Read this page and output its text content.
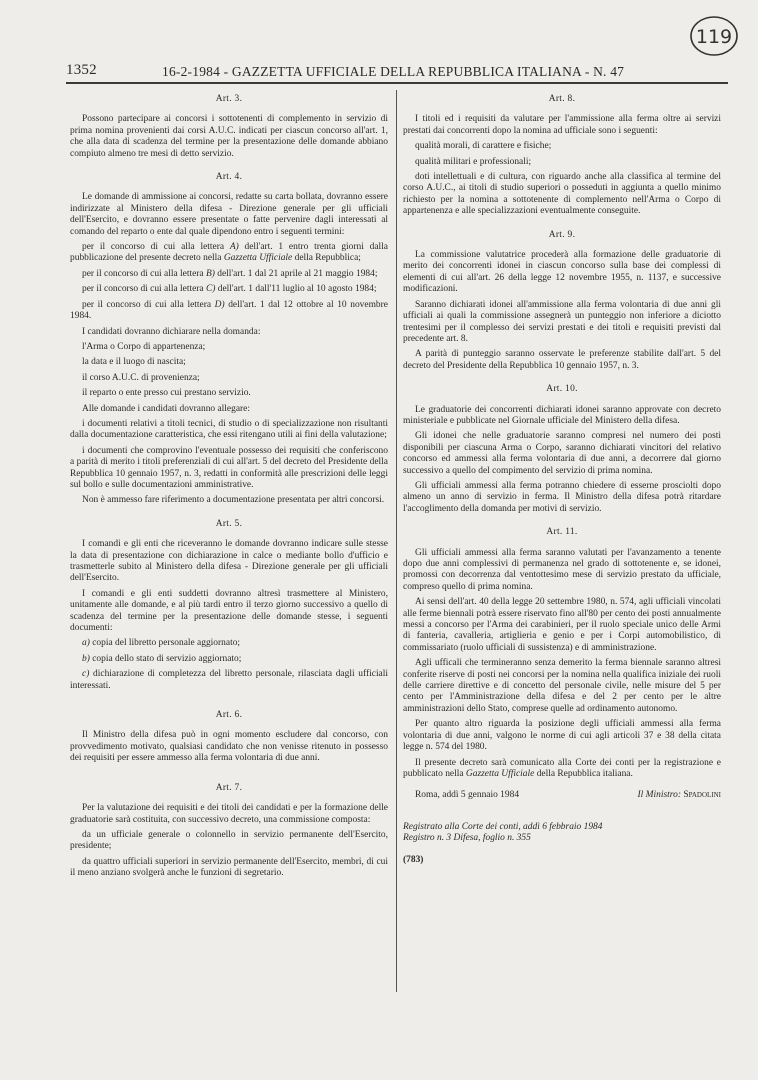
1352	16-2-1984 - GAZZETTA UFFICIALE DELLA REPUBBLICA ITALIANA - N. 47
119
Art. 3.

Possono partecipare ai concorsi i sottotenenti di complemento in servizio di prima nomina provenienti dai corsi A.U.C. indicati per ciascun concorso all'art. 1, che alla data di scadenza del termine per la presentazione delle domande abbiano compiuto almeno tre mesi di detto servizio.

Art. 4.

Le domande di ammissione ai concorsi, redatte su carta bollata, dovranno essere indirizzate al Ministero della difesa - Direzione generale per gli ufficiali dell'Esercito, e dovranno essere presentate o fatte pervenire dagli interessati al comando del reparto o ente dal quale dipendono entro i seguenti termini:

per il concorso di cui alla lettera A) dell'art. 1 entro trenta giorni dalla pubblicazione del presente decreto nella Gazzetta Ufficiale della Repubblica;

per il concorso di cui alla lettera B) dell'art. 1 dal 21 aprile al 21 maggio 1984;

per il concorso di cui alla lettera C) dell'art. 1 dall'11 luglio al 10 agosto 1984;

per il concorso di cui alla lettera D) dell'art. 1 dal 12 ottobre al 10 novembre 1984.

I candidati dovranno dichiarare nella domanda:

l'Arma o Corpo di appartenenza;

la data e il luogo di nascita;

il corso A.U.C. di provenienza;

il reparto o ente presso cui prestano servizio.

Alle domande i candidati dovranno allegare:

i documenti relativi a titoli tecnici, di studio o di specializzazione non risultanti dalla documentazione caratteristica, che essi ritengano utili ai fini della valutazione;

i documenti che comprovino l'eventuale possesso dei requisiti che conferiscono a parità di merito i titoli preferenziali di cui all'art. 5 del decreto del Presidente della Repubblica 10 gennaio 1957, n. 3, redatti in conformità alle prescrizioni delle leggi sul bollo e sulle documentazioni amministrative.

Non è ammesso fare riferimento a documentazione presentata per altri concorsi.

Art. 5.

I comandi e gli enti che riceveranno le domande dovranno indicare sulle stesse la data di presentazione con dichiarazione in calce o mediante bollo d'ufficio e trasmetterle subito al Ministero della difesa - Direzione generale per gli ufficiali dell'Esercito.

I comandi e gli enti suddetti dovranno altresì trasmettere al Ministero, unitamente alle domande, e al più tardi entro il terzo giorno successivo a quello di scadenza del termine per la presentazione delle domande stesse, i seguenti documenti:

a) copia del libretto personale aggiornato;

b) copia dello stato di servizio aggiornato;

c) dichiarazione di completezza del libretto personale, rilasciata dagli ufficiali interessati.

Art. 6.

Il Ministro della difesa può in ogni momento escludere dal concorso, con provvedimento motivato, qualsiasi candidato che non venisse ritenuto in possesso dei requisiti per essere ammesso alla ferma volontaria di due anni.

Art. 7.

Per la valutazione dei requisiti e dei titoli dei candidati e per la formazione delle graduatorie sarà costituita, con successivo decreto, una commissione composta:

da un ufficiale generale o colonnello in servizio permanente dell'Esercito, presidente;

da quattro ufficiali superiori in servizio permanente dell'Esercito, membri, di cui il meno anziano svolgerà anche le funzioni di segretario.

Art. 8.

I titoli ed i requisiti da valutare per l'ammissione alla ferma oltre ai servizi prestati dai concorrenti dopo la nomina ad ufficiale sono i seguenti:

qualità morali, di carattere e fisiche;

qualità militari e professionali;

doti intellettuali e di cultura, con riguardo anche alla classifica al termine del corso A.U.C., ai titoli di studio superiori o posseduti in aggiunta a quello minimo richiesto per la nomina a sottotenente di complemento nell'Arma o Corpo di appartenenza e alle specializzazioni eventualmente conseguite.

Art. 9.

La commissione valutatrice procederà alla formazione delle graduatorie di merito dei concorrenti idonei in ciascun concorso sulla base dei complessi di elementi di cui all'art. 26 della legge 12 novembre 1955, n. 1137, e successive modificazioni.

Saranno dichiarati idonei all'ammissione alla ferma volontaria di due anni gli ufficiali ai quali la commissione assegnerà un punteggio non inferiore a diciotto trentesimi per il complesso dei servizi prestati e dei titoli e requisiti previsti dal precedente art. 8.

A parità di punteggio saranno osservate le preferenze stabilite dall'art. 5 del decreto del Presidente della Repubblica 10 gennaio 1957, n. 3.

Art. 10.

Le graduatorie dei concorrenti dichiarati idonei saranno approvate con decreto ministeriale e pubblicate nel Giornale ufficiale del Ministero della difesa.

Gli idonei che nelle graduatorie saranno compresi nel numero dei posti disponibili per ciascuna Arma o Corpo, saranno dichiarati vincitori del relativo concorso ed ammessi alla ferma volontaria di due anni, a decorrere dal giorno successivo a quello del compimento del servizio di prima nomina.

Gli ufficiali ammessi alla ferma potranno chiedere di esserne prosciolti dopo almeno un anno di servizio in ferma. Il Ministro della difesa potrà ritardare l'accoglimento della domanda per motivi di servizio.

Art. 11.

Gli ufficiali ammessi alla ferma saranno valutati per l'avanzamento a tenente dopo due anni complessivi di permanenza nel grado di sottotenente e, se idonei, promossi con decorrenza dal ventottesimo mese di servizio prestato da ufficiale, compreso quello di prima nomina.

Ai sensi dell'art. 40 della legge 20 settembre 1980, n. 574, agli ufficiali vincolati alle ferme biennali potrà essere riservato fino all'80 per cento dei posti annualmente messi a concorso per l'Arma dei carabinieri, per il ruolo speciale unico delle Armi di fanteria, cavalleria, artiglieria e genio e per i Corpi automobilistico, di commissariato (ruolo ufficiali di sussistenza) e di amministrazione.

Agli ufficali che termineranno senza demerito la ferma biennale saranno altresì conferite riserve di posti nei concorsi per la nomina nella qualifica iniziale dei ruoli delle carriere direttive e di concetto del personale civile, nelle misure del 5 per cento per l'Amministrazione della difesa e del 2 per cento per le altre amministrazioni dello Stato, comprese quelle ad ordinamento autonomo.

Per quanto altro riguarda la posizione degli ufficiali ammessi alla ferma volontaria di due anni, valgono le norme di cui agli articoli 37 e 38 della citata legge n. 574 del 1980.

Il presente decreto sarà comunicato alla Corte dei conti per la registrazione e pubblicato nella Gazzetta Ufficiale della Repubblica italiana.

Roma, addì 5 gennaio 1984	Il Ministro: Spadolini

Registrato alla Corte dei conti, addì 6 febbraio 1984

Registro n. 3 Difesa, foglio n. 355

(783)
